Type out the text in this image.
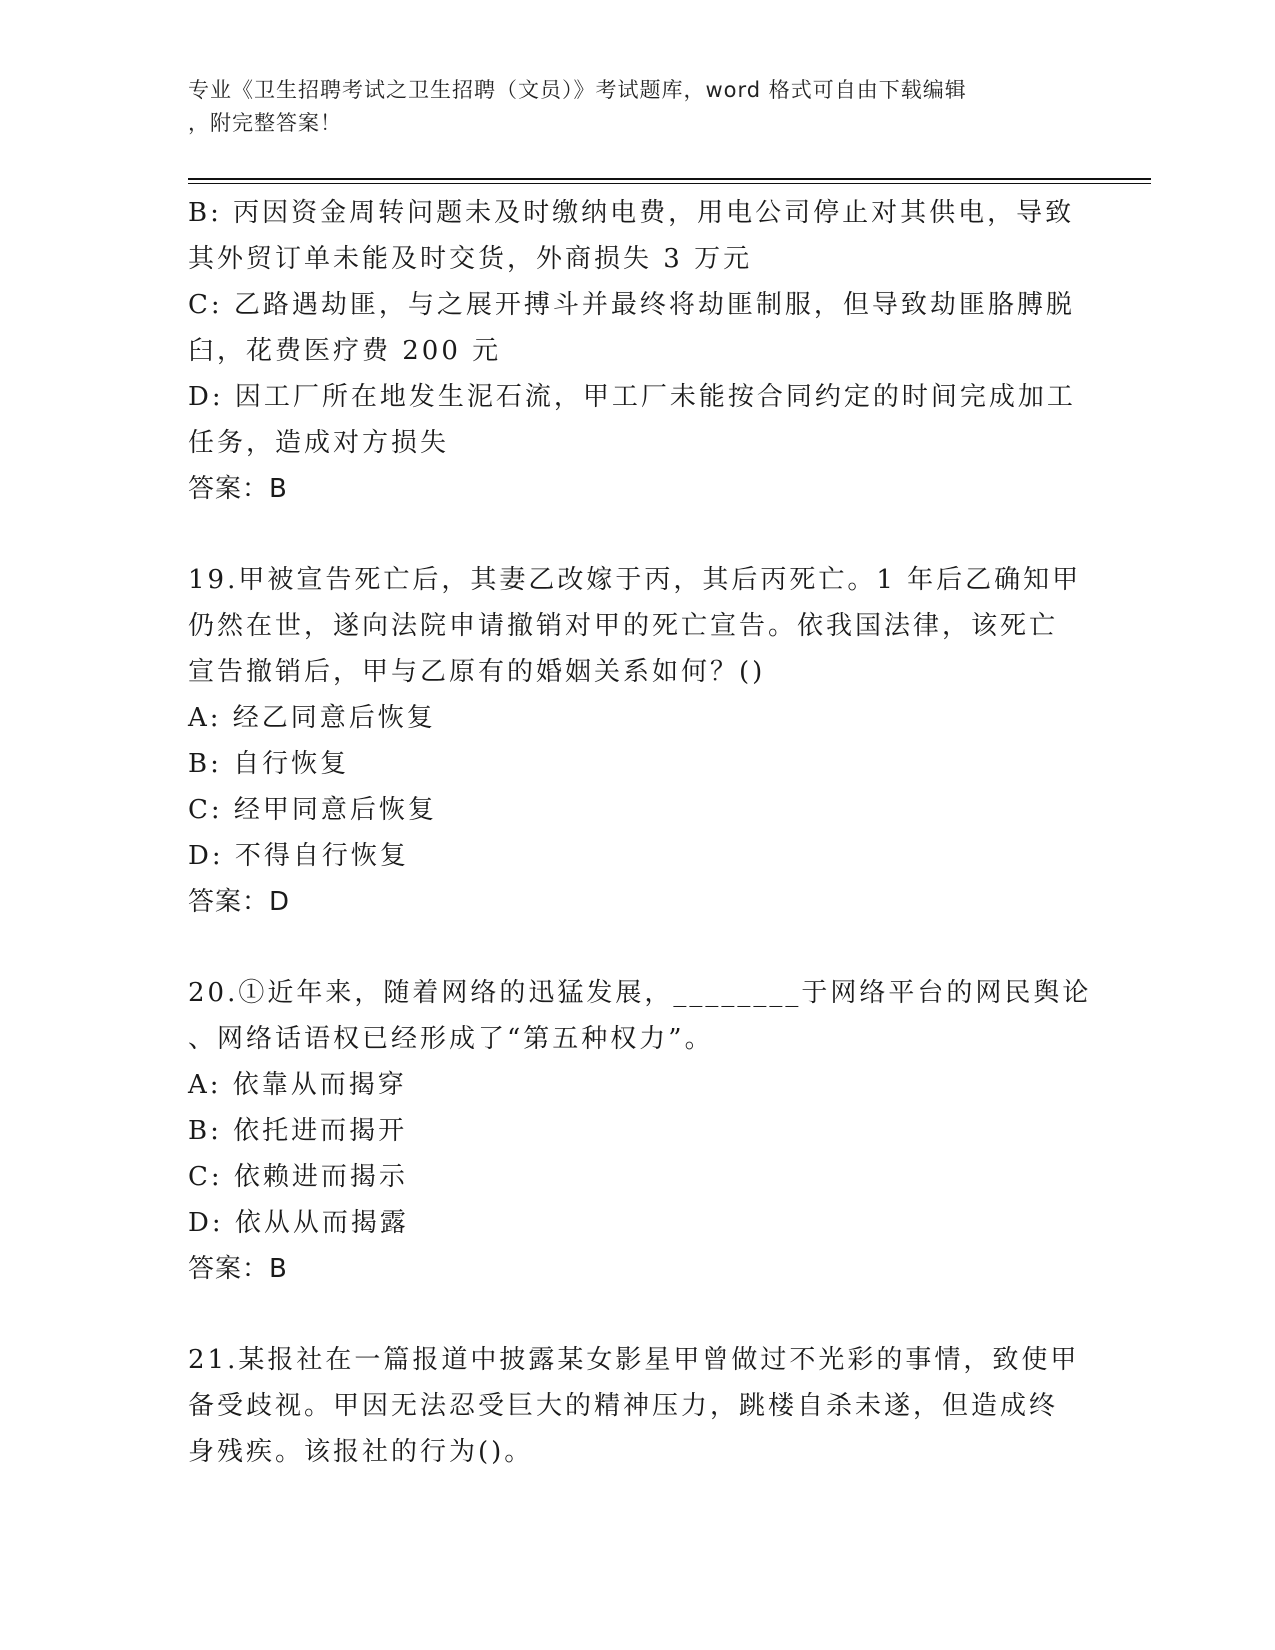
专业《卫生招聘考试之卫生招聘（文员）》考试题库，word 格式可自由下载编辑
，附完整答案！
B: 丙因资金周转问题未及时缴纳电费，用电公司停止对其供电，导致
其外贸订单未能及时交货，外商损失 3 万元
C: 乙路遇劫匪，与之展开搏斗并最终将劫匪制服，但导致劫匪胳膊脱
臼，花费医疗费 200 元
D: 因工厂所在地发生泥石流，甲工厂未能按合同约定的时间完成加工
任务，造成对方损失
答案：B
19.甲被宣告死亡后，其妻乙改嫁于丙，其后丙死亡。1 年后乙确知甲
仍然在世，遂向法院申请撤销对甲的死亡宣告。依我国法律，该死亡
宣告撤销后，甲与乙原有的婚姻关系如何？()
A: 经乙同意后恢复
B: 自行恢复
C: 经甲同意后恢复
D: 不得自行恢复
答案：D
20.①近年来，随着网络的迅猛发展，________于网络平台的网民舆论
、网络话语权已经形成了“第五种权力”。
A: 依靠从而揭穿
B: 依托进而揭开
C: 依赖进而揭示
D: 依从从而揭露
答案：B
21.某报社在一篇报道中披露某女影星甲曾做过不光彩的事情，致使甲
备受歧视。甲因无法忍受巨大的精神压力，跳楼自杀未遂，但造成终
身残疾。该报社的行为()。
